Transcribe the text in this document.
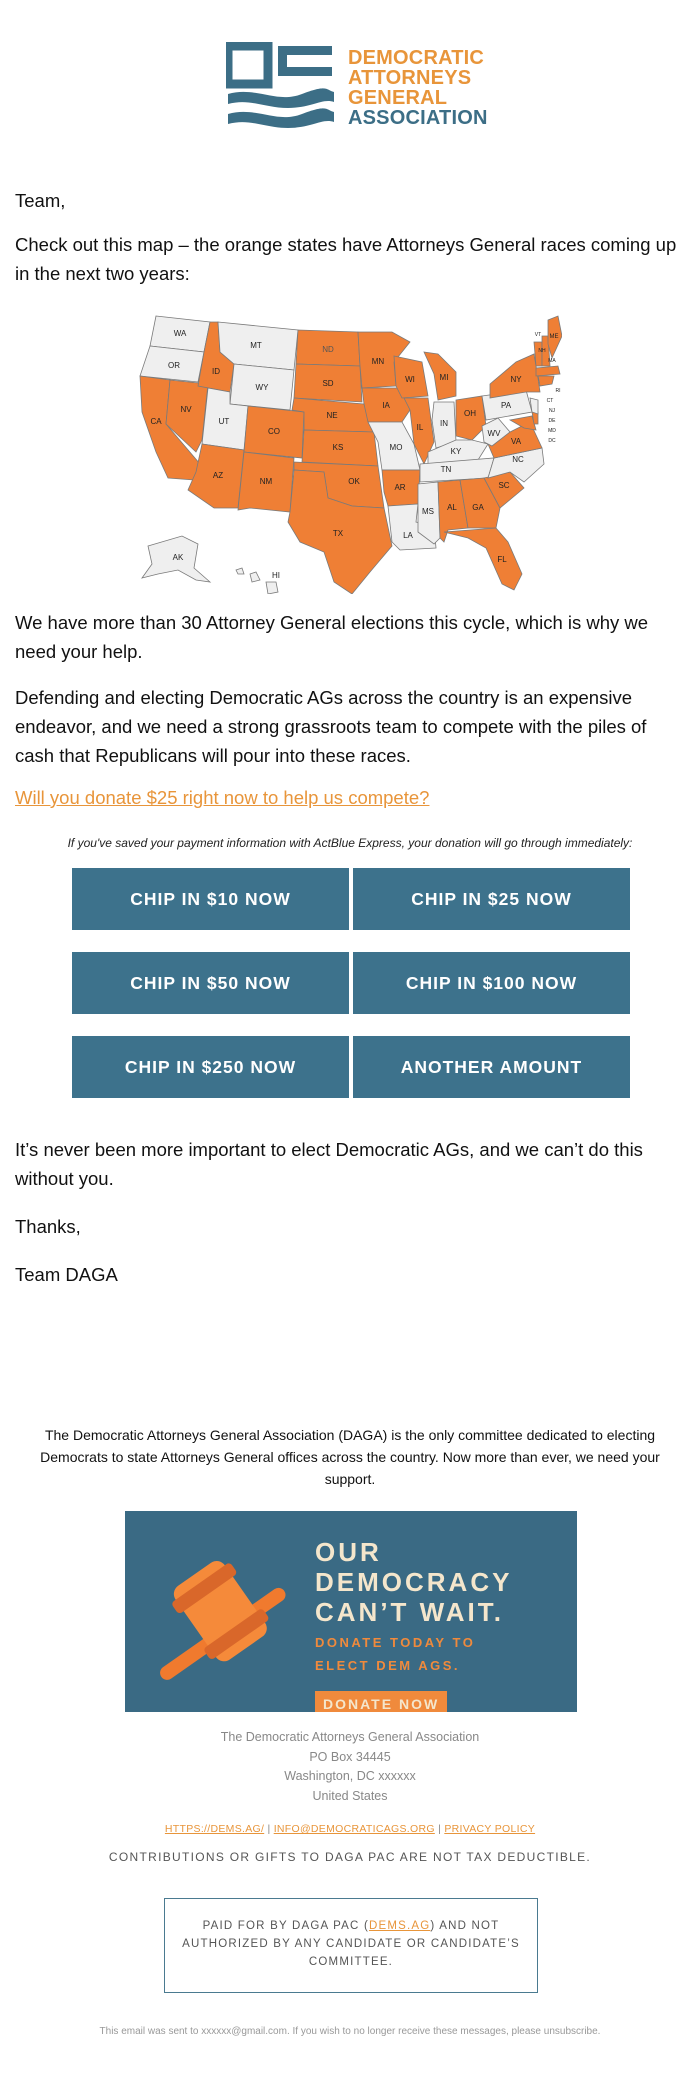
DEMOCRATIC
ATTORNEYS
GENERAL
ASSOCIATION

Team,

Check out this map – the orange states have Attorneys General races coming up in the next two years:

WA
OR
CA
NV
ID
MT
WY
UT
AZ
CO
NM
ND
SD
NE
KS
OK
TX
MN
IA
MO
AR
LA
WI
IL
MI
IN
OH
KY
TN
MS AL GA
FL
SC
NC
VA
WV
PA
NY
VT
NH
ME
MA
RI
CT
NJ
DE
MD
DC
AK
HI

We have more than 30 Attorney General elections this cycle, which is why we need your help.

Defending and electing Democratic AGs across the country is an expensive endeavor, and we need a strong grassroots team to compete with the piles of cash that Republicans will pour into these races.

Will you donate $25 right now to help us compete?

If you've saved your payment information with ActBlue Express, your donation will go through immediately:

CHIP IN $10 NOW	CHIP IN $25 NOW
CHIP IN $50 NOW	CHIP IN $100 NOW
CHIP IN $250 NOW	ANOTHER AMOUNT

It’s never been more important to elect Democratic AGs, and we can’t do this without you.

Thanks,

Team DAGA

The Democratic Attorneys General Association (DAGA) is the only committee dedicated to electing Democrats to state Attorneys General offices across the country. Now more than ever, we need your support.

OUR
DEMOCRACY
CAN’T WAIT.
DONATE TODAY TO
ELECT DEM AGS.
DONATE NOW
The Democratic Attorneys General Association
PO Box 34445
Washington, DC xxxxxx
United States
HTTPS://DEMS.AG/ | INFO@DEMOCRATICAGS.ORG | PRIVACY POLICY

CONTRIBUTIONS OR GIFTS TO DAGA PAC ARE NOT TAX DEDUCTIBLE.

PAID FOR BY DAGA PAC (DEMS.AG) AND NOT AUTHORIZED BY ANY CANDIDATE OR CANDIDATE’S COMMITTEE.

This email was sent to xxxxxx@gmail.com. If you wish to no longer receive these messages, please unsubscribe.
